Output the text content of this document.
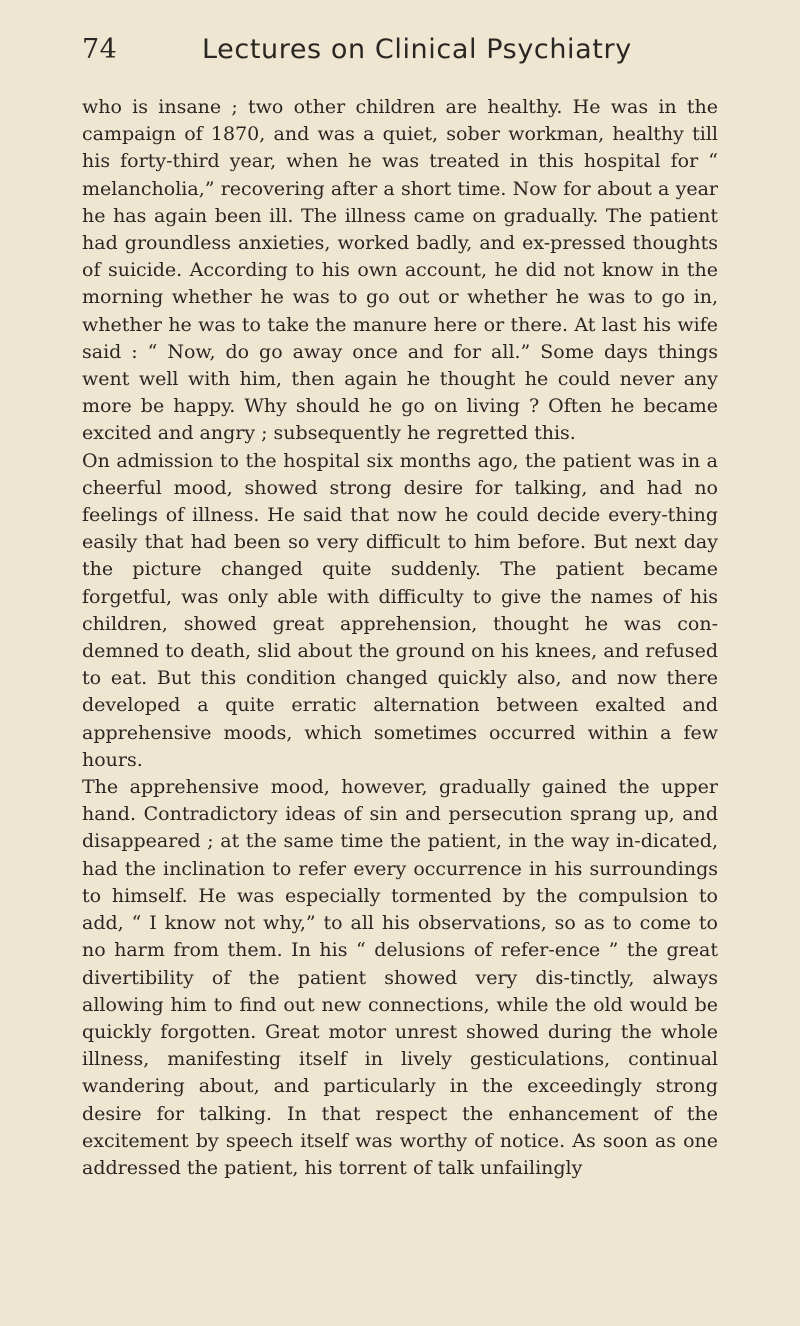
74	Lectures on Clinical Psychiatry

who is insane ; two other children are healthy. He was in the campaign of 1870, and was a quiet, sober workman, healthy till his forty-third year, when he was treated in this hospital for “ melancholia,” recovering after a short time. Now for about a year he has again been ill. The illness came on gradually. The patient had groundless anxieties, worked badly, and ex-pressed thoughts of suicide. According to his own account, he did not know in the morning whether he was to go out or whether he was to go in, whether he was to take the manure here or there. At last his wife said : “ Now, do go away once and for all.” Some days things went well with him, then again he thought he could never any more be happy. Why should he go on living ? Often he became excited and angry ; subsequently he regretted this.

On admission to the hospital six months ago, the patient was in a cheerful mood, showed strong desire for talking, and had no feelings of illness. He said that now he could decide every-thing easily that had been so very difficult to him before. But next day the picture changed quite suddenly. The patient became forgetful, was only able with difficulty to give the names of his children, showed great apprehension, thought he was con-demned to death, slid about the ground on his knees, and refused to eat. But this condition changed quickly also, and now there developed a quite erratic alternation between exalted and apprehensive moods, which sometimes occurred within a few hours.

The apprehensive mood, however, gradually gained the upper hand. Contradictory ideas of sin and persecution sprang up, and disappeared ; at the same time the patient, in the way in-dicated, had the inclination to refer every occurrence in his surroundings to himself. He was especially tormented by the compulsion to add, “ I know not why,” to all his observations, so as to come to no harm from them. In his “ delusions of refer-ence ” the great divertibility of the patient showed very dis-tinctly, always allowing him to find out new connections, while the old would be quickly forgotten. Great motor unrest showed during the whole illness, manifesting itself in lively gesticulations, continual wandering about, and particularly in the exceedingly strong desire for talking. In that respect the enhancement of the excitement by speech itself was worthy of notice. As soon as one addressed the patient, his torrent of talk unfailingly
